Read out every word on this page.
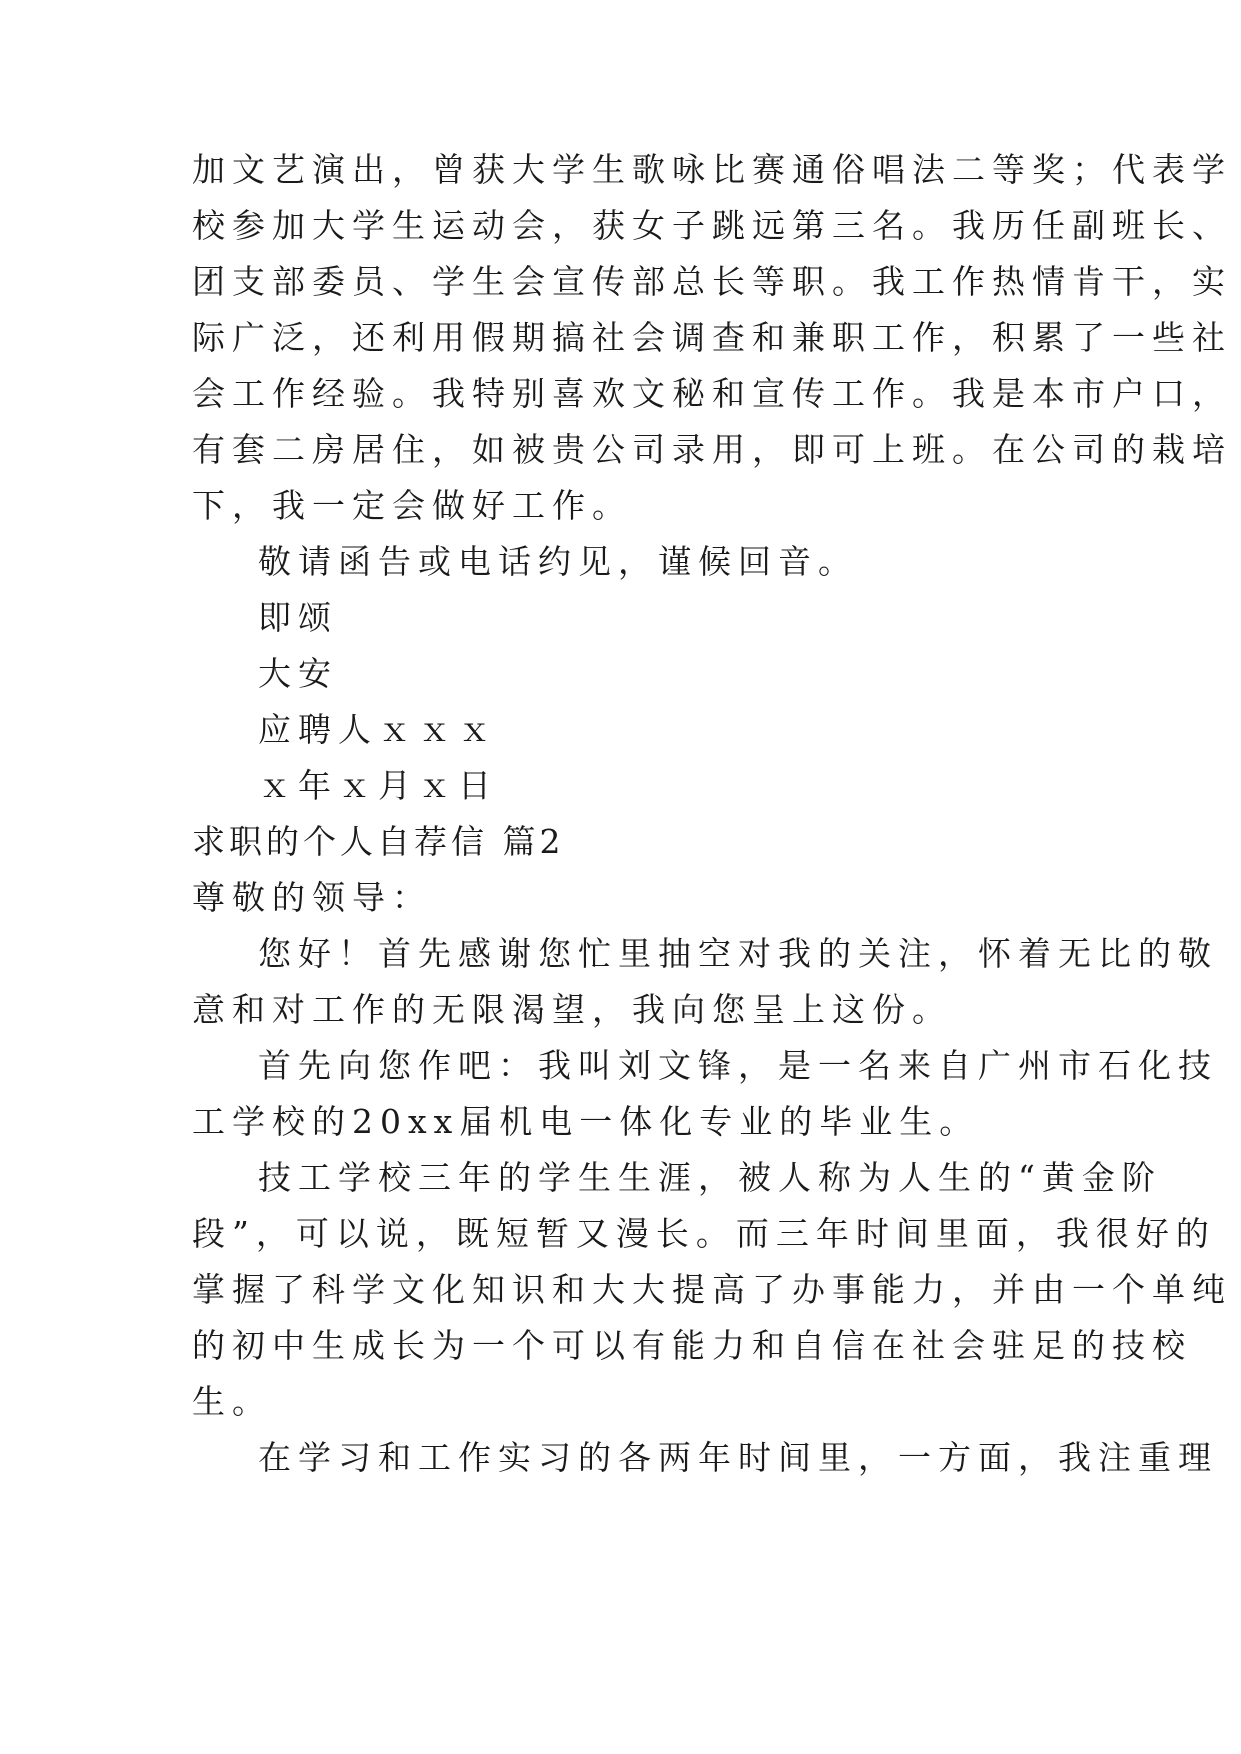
加文艺演出，曾获大学生歌咏比赛通俗唱法二等奖；代表学
校参加大学生运动会，获女子跳远第三名。我历任副班长、
团支部委员、学生会宣传部总长等职。我工作热情肯干，实
际广泛，还利用假期搞社会调查和兼职工作，积累了一些社
会工作经验。我特别喜欢文秘和宣传工作。我是本市户口，
有套二房居住，如被贵公司录用，即可上班。在公司的栽培
下，我一定会做好工作。
敬请函告或电话约见，谨候回音。
即颂
大安
应聘人ｘｘｘ
ｘ年ｘ月ｘ日
求职的个人自荐信 篇2
尊敬的领导：
您好！首先感谢您忙里抽空对我的关注，怀着无比的敬
意和对工作的无限渴望，我向您呈上这份。
首先向您作吧：我叫刘文锋，是一名来自广州市石化技
工学校的20xx届机电一体化专业的毕业生。
技工学校三年的学生生涯，被人称为人生的“黄金阶
段”，可以说，既短暂又漫长。而三年时间里面，我很好的
掌握了科学文化知识和大大提高了办事能力，并由一个单纯
的初中生成长为一个可以有能力和自信在社会驻足的技校
生。
在学习和工作实习的各两年时间里，一方面，我注重理
